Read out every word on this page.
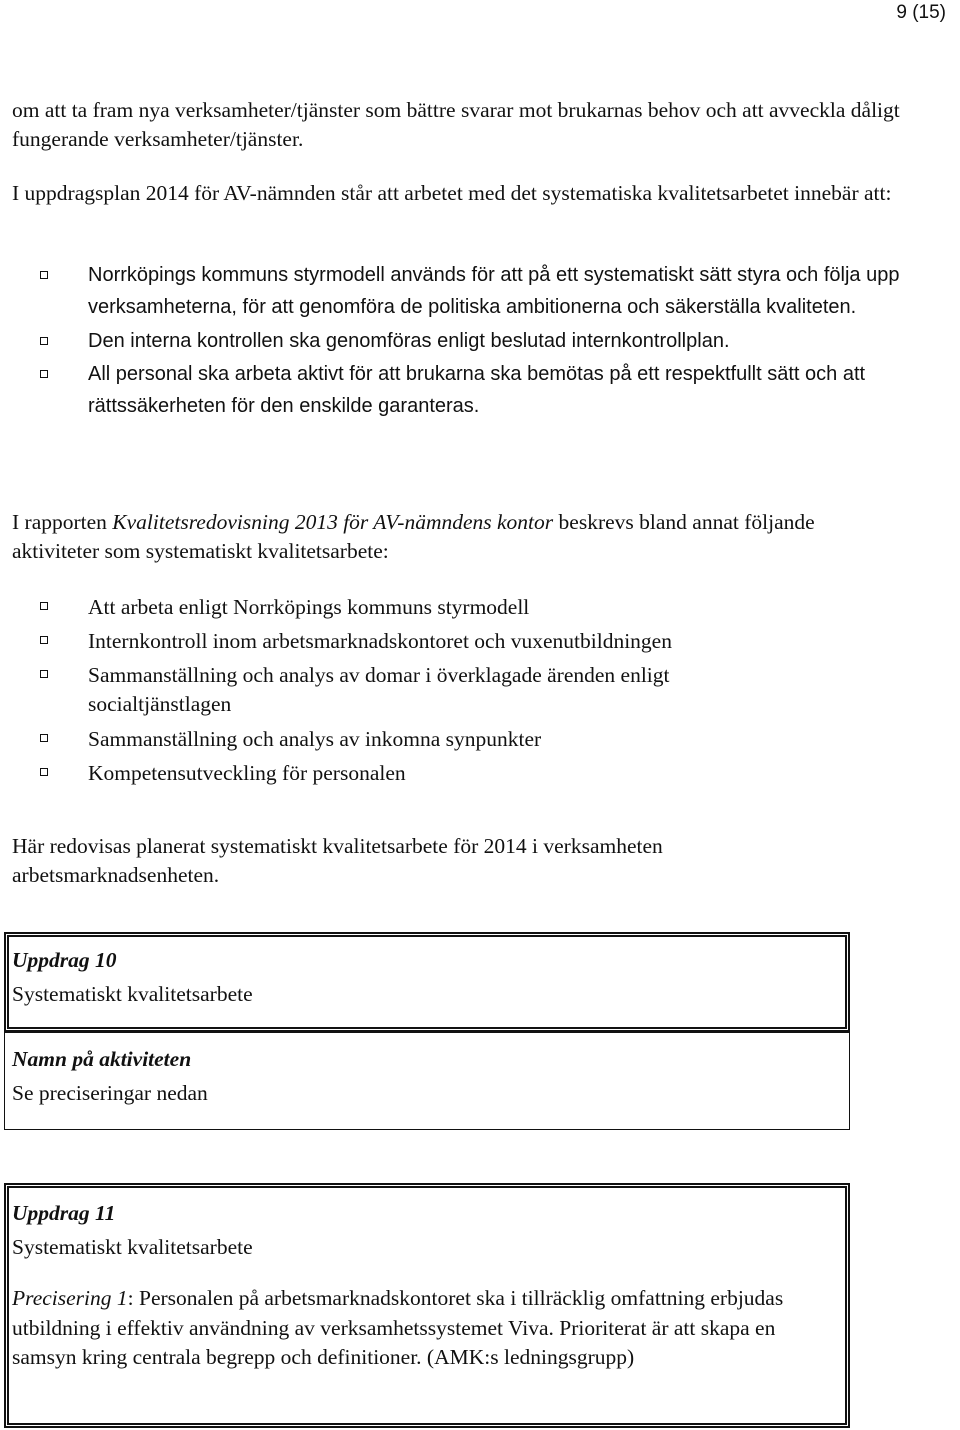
9 (15)

om att ta fram nya verksamheter/tjänster som bättre svarar mot brukarnas behov och att avveckla dåligt fungerande verksamheter/tjänster.

I uppdragsplan 2014 för AV-nämnden står att arbetet med det systematiska kvalitetsarbetet innebär att:

Norrköpings kommuns styrmodell används för att på ett systematiskt sätt styra och följa upp verksamheterna, för att genomföra de politiska ambitionerna och säkerställa kvaliteten.
Den interna kontrollen ska genomföras enligt beslutad internkontrollplan.
All personal ska arbeta aktivt för att brukarna ska bemötas på ett respektfullt sätt och att rättssäkerheten för den enskilde garanteras.

I rapporten Kvalitetsredovisning 2013 för AV-nämndens kontor beskrevs bland annat följande aktiviteter som systematiskt kvalitetsarbete:

Att arbeta enligt Norrköpings kommuns styrmodell
Internkontroll inom arbetsmarknadskontoret och vuxenutbildningen
Sammanställning och analys av domar i överklagade ärenden enligt socialtjänstlagen
Sammanställning och analys av inkomna synpunkter
Kompetensutveckling för personalen

Här redovisas planerat systematiskt kvalitetsarbete för 2014 i verksamheten arbetsmarknadsenheten.

Uppdrag 10
Systematiskt kvalitetsarbete
Namn på aktiviteten
Se preciseringar nedan
Uppdrag 11
Systematiskt kvalitetsarbete
Precisering 1: Personalen på arbetsmarknadskontoret ska i tillräcklig omfattning erbjudas utbildning i effektiv användning av verksamhetssystemet Viva. Prioriterat är att skapa en samsyn kring centrala begrepp och definitioner. (AMK:s ledningsgrupp)
